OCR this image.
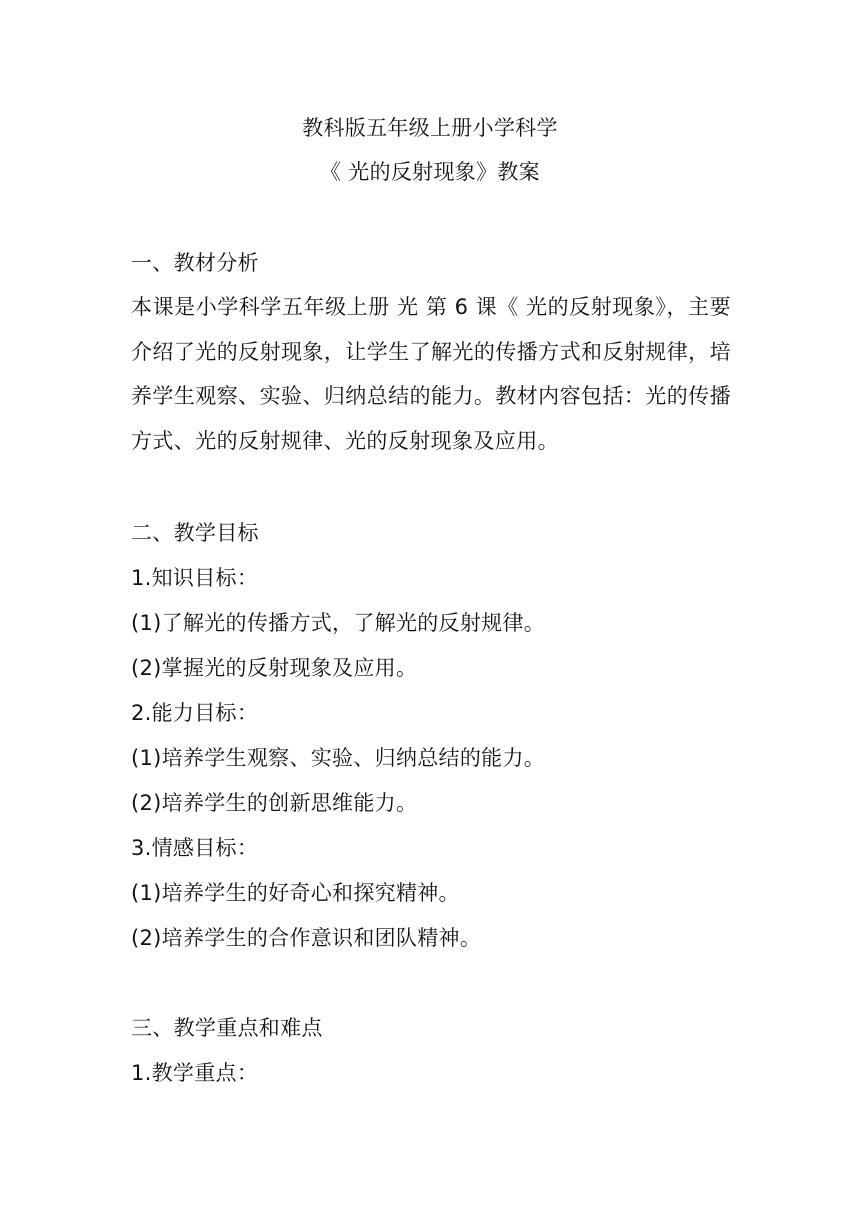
教科版五年级上册小学科学
《 光的反射现象》教案
一、教材分析
本课是小学科学五年级上册 光 第 6 课《 光的反射现象》，主要介绍了光的反射现象，让学生了解光的传播方式和反射规律，培养学生观察、实验、归纳总结的能力。教材内容包括：光的传播方式、光的反射规律、光的反射现象及应用。
二、教学目标
1.知识目标：
(1)了解光的传播方式，了解光的反射规律。
(2)掌握光的反射现象及应用。
2.能力目标：
(1)培养学生观察、实验、归纳总结的能力。
(2)培养学生的创新思维能力。
3.情感目标：
(1)培养学生的好奇心和探究精神。
(2)培养学生的合作意识和团队精神。
三、教学重点和难点
1.教学重点：
